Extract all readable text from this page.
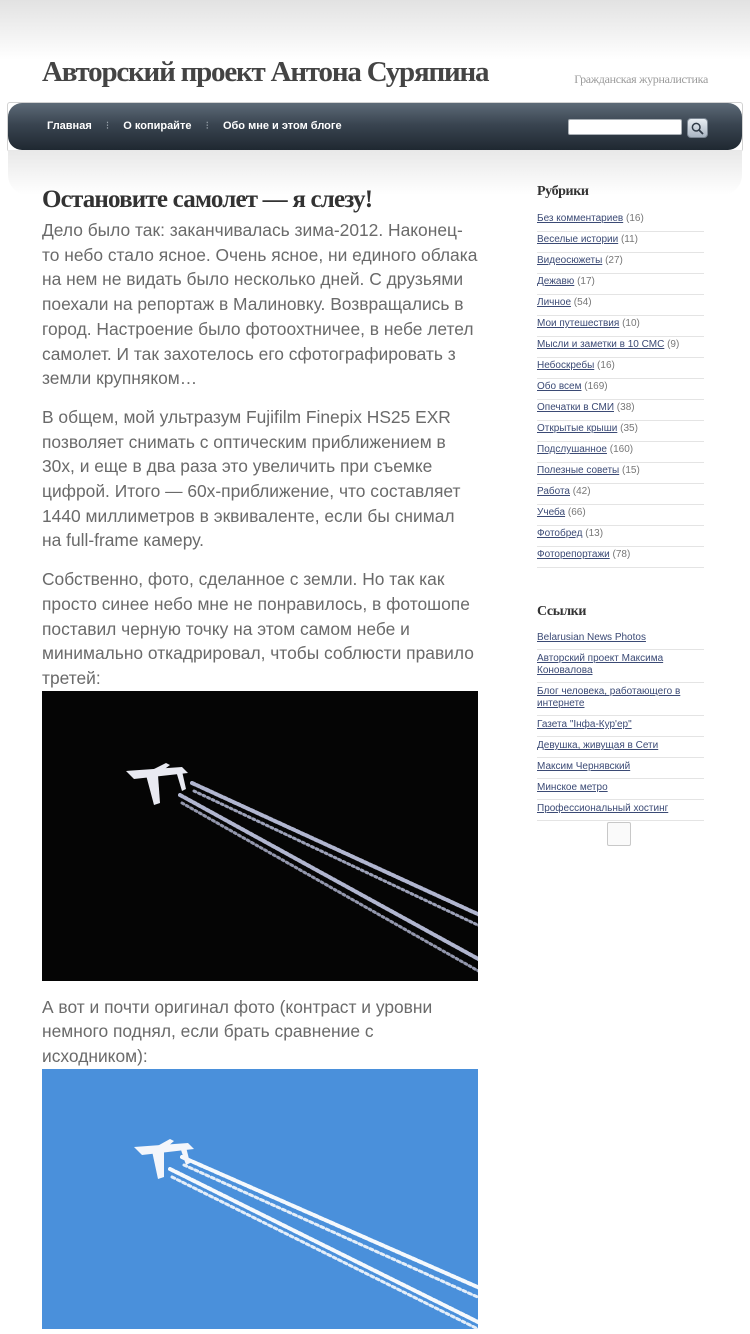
Авторский проект Антона Суряпина	Гражданская журналистика
Главная ⁝ О копирайте ⁝ Обо мне и этом блоге
Остановите самолет — я слезу!

Дело было так: заканчивалась зима-2012. Наконец-то небо стало ясное. Очень ясное, ни единого облака на нем не видать было несколько дней. С друзьями поехали на репортаж в Малиновку. Возвращались в город. Настроение было фотоохтничее, в небе летел самолет. И так захотелось его сфотографировать з земли крупняком…

В общем, мой ультразум Fujifilm Finepix HS25 EXR позволяет снимать с оптическим приближением в 30х, и еще в два раза это увеличить при съемке цифрой. Итого — 60х-приближение, что составляет 1440 миллиметров в эквиваленте, если бы снимал на full-frame камеру.

Собственно, фото, сделанное с земли. Но так как просто синее небо мне не понравилось, в фотошопе поставил черную точку на этом самом небе и минимально откадрировал, чтобы соблюсти правило третей:

А вот и почти оригинал фото (контраст и уровни немного поднял, если брать сравнение с исходником):

Рубрики
Без комментариев (16)
Веселые истории (11)
Видеосюжеты (27)
Дежавю (17)
Личное (54)
Мои путешествия (10)
Мысли и заметки в 10 СМС (9)
Небоскребы (16)
Обо всем (169)
Опечатки в СМИ (38)
Открытые крыши (35)
Подслушанное (160)
Полезные советы (15)
Работа (42)
Учеба (66)
Фотобред (13)
Фоторепортажи (78)
Ссылки
Belarusian News Photos
Авторский проект Максима Коновалова
Блог человека, работающего в интернете
Газета "Інфа-Кур'ер"
Девушка, живущая в Сети
Максим Чернявский
Минское метро
Профессиональный хостинг
